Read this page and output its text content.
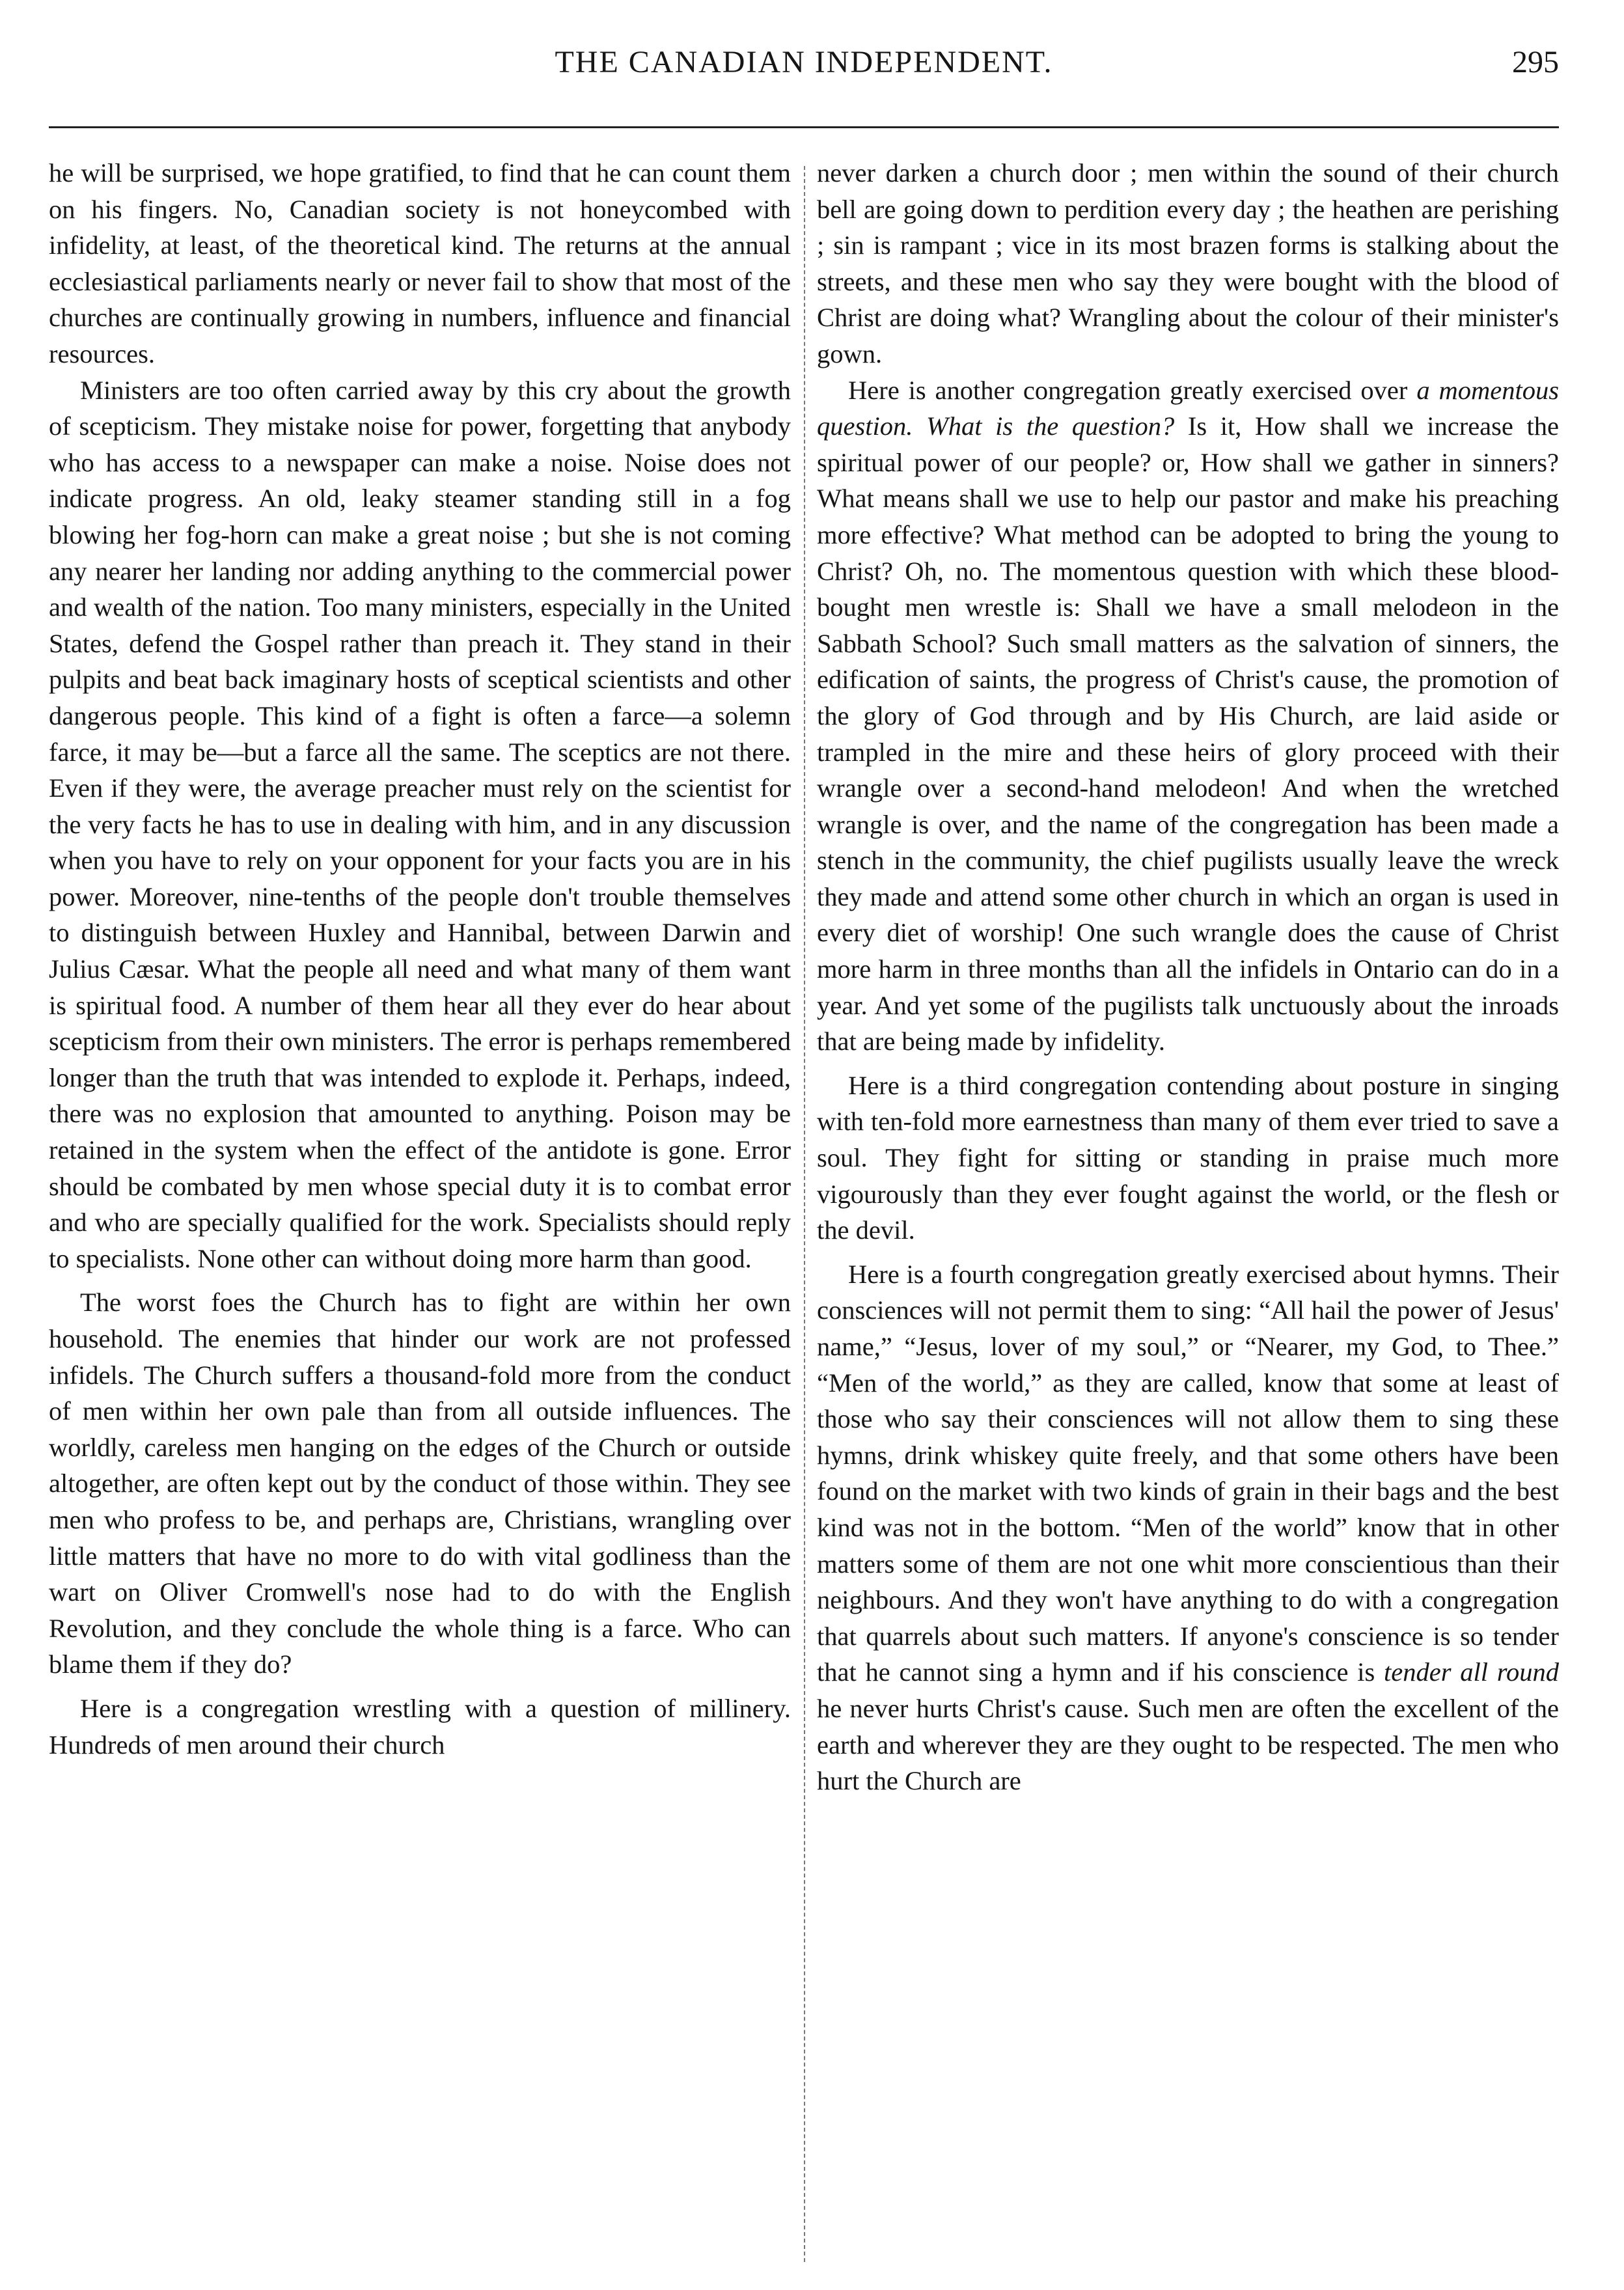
THE CANADIAN INDEPENDENT.	295

he will be surprised, we hope gratified, to find that he can count them on his fingers. No, Canadian society is not honeycombed with infidelity, at least, of the theoretical kind. The returns at the annual ecclesiastical parliaments nearly or never fail to show that most of the churches are continually growing in numbers, influence and financial resources.

Ministers are too often carried away by this cry about the growth of scepticism. They mistake noise for power, forgetting that anybody who has access to a newspaper can make a noise. Noise does not indicate progress. An old, leaky steamer standing still in a fog blowing her fog-horn can make a great noise ; but she is not coming any nearer her landing nor adding anything to the commercial power and wealth of the nation. Too many ministers, especially in the United States, defend the Gospel rather than preach it. They stand in their pulpits and beat back imaginary hosts of sceptical scientists and other dangerous people. This kind of a fight is often a farce—a solemn farce, it may be—but a farce all the same. The sceptics are not there. Even if they were, the average preacher must rely on the scientist for the very facts he has to use in dealing with him, and in any discussion when you have to rely on your opponent for your facts you are in his power. Moreover, nine-tenths of the people don't trouble themselves to distinguish between Huxley and Hannibal, between Darwin and Julius Cæsar. What the people all need and what many of them want is spiritual food. A number of them hear all they ever do hear about scepticism from their own ministers. The error is perhaps remembered longer than the truth that was intended to explode it. Perhaps, indeed, there was no explosion that amounted to anything. Poison may be retained in the system when the effect of the antidote is gone. Error should be combated by men whose special duty it is to combat error and who are specially qualified for the work. Specialists should reply to specialists. None other can without doing more harm than good.

The worst foes the Church has to fight are within her own household. The enemies that hinder our work are not professed infidels. The Church suffers a thousand-fold more from the conduct of men within her own pale than from all outside influences. The worldly, careless men hanging on the edges of the Church or outside altogether, are often kept out by the conduct of those within. They see men who profess to be, and perhaps are, Christians, wrangling over little matters that have no more to do with vital godliness than the wart on Oliver Cromwell's nose had to do with the English Revolution, and they conclude the whole thing is a farce. Who can blame them if they do?

Here is a congregation wrestling with a question of millinery. Hundreds of men around their church

never darken a church door ; men within the sound of their church bell are going down to perdition every day ; the heathen are perishing ; sin is rampant ; vice in its most brazen forms is stalking about the streets, and these men who say they were bought with the blood of Christ are doing what? Wrangling about the colour of their minister's gown.

Here is another congregation greatly exercised over a momentous question. What is the question? Is it, How shall we increase the spiritual power of our people? or, How shall we gather in sinners? What means shall we use to help our pastor and make his preaching more effective? What method can be adopted to bring the young to Christ? Oh, no. The momentous question with which these blood-bought men wrestle is: Shall we have a small melodeon in the Sabbath School? Such small matters as the salvation of sinners, the edification of saints, the progress of Christ's cause, the promotion of the glory of God through and by His Church, are laid aside or trampled in the mire and these heirs of glory proceed with their wrangle over a second-hand melodeon! And when the wretched wrangle is over, and the name of the congregation has been made a stench in the community, the chief pugilists usually leave the wreck they made and attend some other church in which an organ is used in every diet of worship! One such wrangle does the cause of Christ more harm in three months than all the infidels in Ontario can do in a year. And yet some of the pugilists talk unctuously about the inroads that are being made by infidelity.

Here is a third congregation contending about posture in singing with ten-fold more earnestness than many of them ever tried to save a soul. They fight for sitting or standing in praise much more vigourously than they ever fought against the world, or the flesh or the devil.

Here is a fourth congregation greatly exercised about hymns. Their consciences will not permit them to sing: “All hail the power of Jesus' name,” “Jesus, lover of my soul,” or “Nearer, my God, to Thee.” “Men of the world,” as they are called, know that some at least of those who say their consciences will not allow them to sing these hymns, drink whiskey quite freely, and that some others have been found on the market with two kinds of grain in their bags and the best kind was not in the bottom. “Men of the world” know that in other matters some of them are not one whit more conscientious than their neighbours. And they won't have anything to do with a congregation that quarrels about such matters. If anyone's conscience is so tender that he cannot sing a hymn and if his conscience is tender all round he never hurts Christ's cause. Such men are often the excellent of the earth and wherever they are they ought to be respected. The men who hurt the Church are
